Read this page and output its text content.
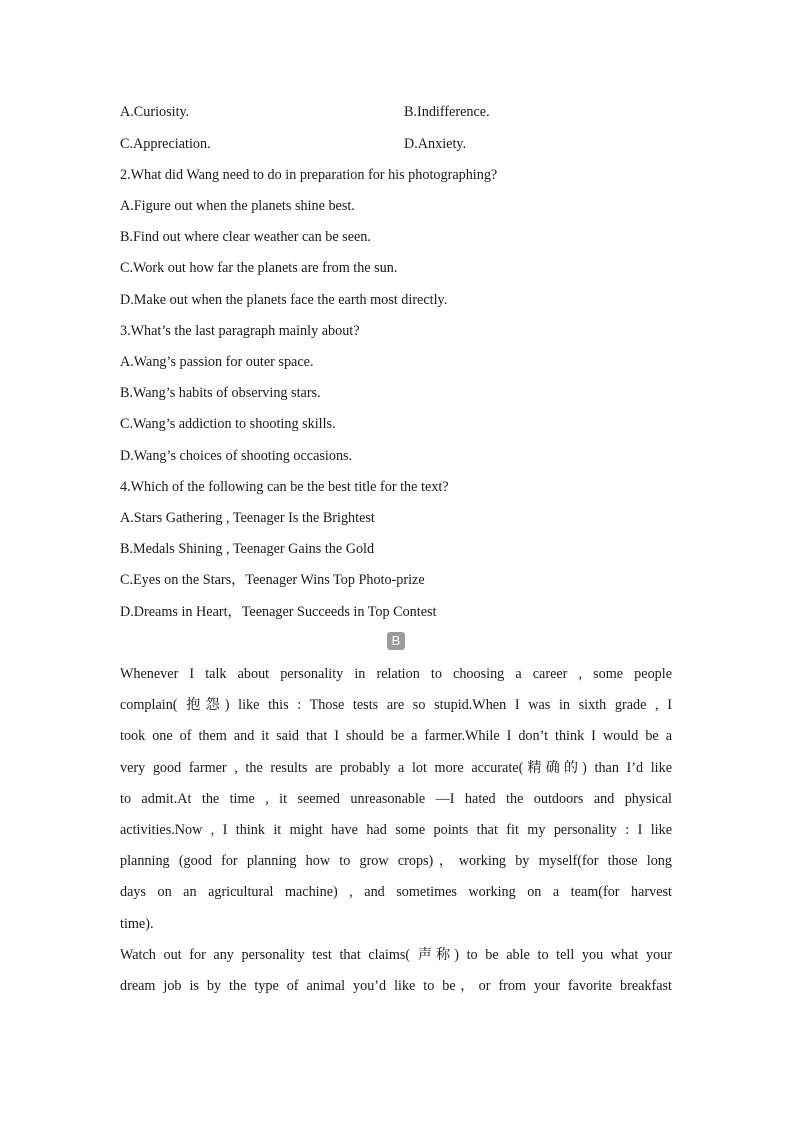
A.Curiosity.	B.Indifference.
C.Appreciation.	D.Anxiety.
2.What did Wang need to do in preparation for his photographing?
A.Figure out when the planets shine best.
B.Find out where clear weather can be seen.
C.Work out how far the planets are from the sun.
D.Make out when the planets face the earth most directly.
3.What’s the last paragraph mainly about?
A.Wang’s passion for outer space.
B.Wang’s habits of observing stars.
C.Wang’s addiction to shooting skills.
D.Wang’s choices of shooting occasions.
4.Which of the following can be the best title for the text?
A.Stars Gathering , Teenager Is the Brightest
B.Medals Shining , Teenager Gains the Gold
C.Eyes on the Stars，Teenager Wins Top Photo-prize
D.Dreams in Heart，Teenager Succeeds in Top Contest
B
Whenever I talk about personality in relation to choosing a career , some people
complain( 抱怨) like this : Those tests are so stupid.When I was in sixth grade , I
took one of them and it said that I should be a farmer.While I don’t think I would be a
very good farmer , the results are probably a lot more accurate(精确的) than I’d like
to admit.At the time , it seemed unreasonable —I hated the outdoors and physical
activities.Now , I think it might have had some points that fit my personality : I like
planning (good for planning how to grow crops)，working by myself(for those long
days on an agricultural machine) , and sometimes working on a team(for harvest
time).
Watch out for any personality test that claims( 声称) to be able to tell you what your
dream job is by the type of animal you’d like to be，or from your favorite breakfast
